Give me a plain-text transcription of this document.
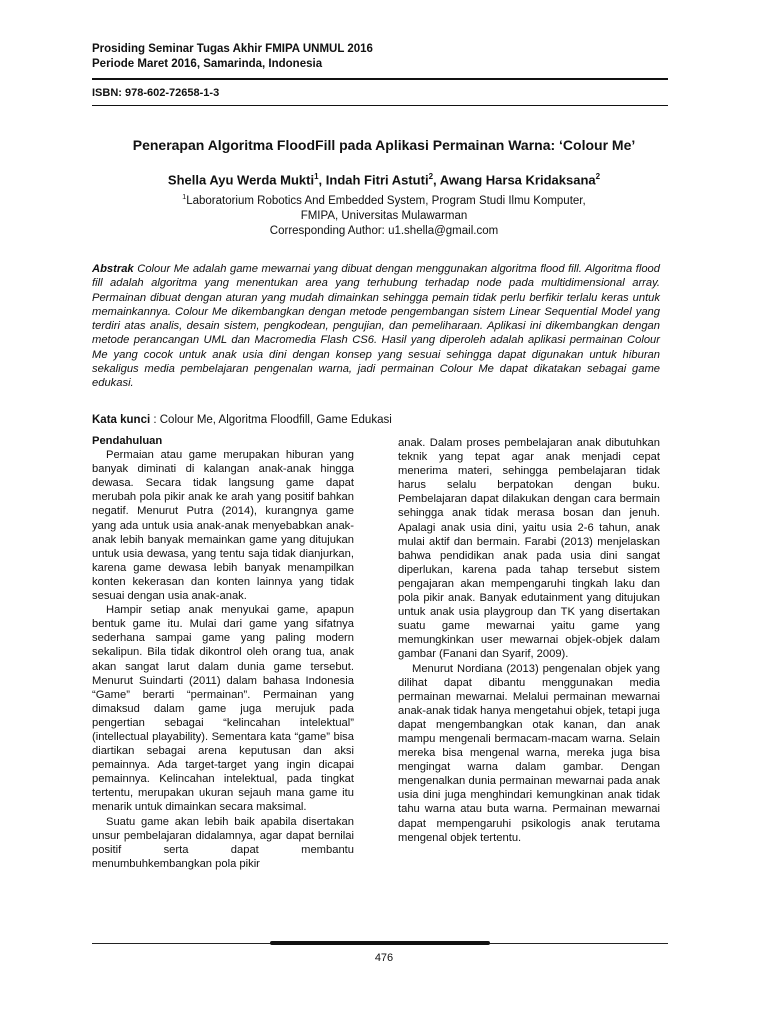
Prosiding Seminar Tugas Akhir FMIPA UNMUL 2016
Periode Maret 2016, Samarinda, Indonesia
ISBN: 978-602-72658-1-3
Penerapan Algoritma FloodFill pada Aplikasi Permainan Warna: ‘Colour Me’
Shella Ayu Werda Mukti$^1$, Indah Fitri Astuti$^2$, Awang Harsa Kridaksana$^2$
$^1$Laboratorium Robotics And Embedded System, Program Studi Ilmu Komputer,
FMIPA, Universitas Mulawarman
Corresponding Author: u1.shella@gmail.com
Abstrak Colour Me adalah game mewarnai yang dibuat dengan menggunakan algoritma flood fill. Algoritma flood fill adalah algoritma yang menentukan area yang terhubung terhadap node pada multidimensional array. Permainan dibuat dengan aturan yang mudah dimainkan sehingga pemain tidak perlu berfikir terlalu keras untuk memainkannya. Colour Me dikembangkan dengan metode pengembangan sistem Linear Sequential Model yang terdiri atas analis, desain sistem, pengkodean, pengujian, dan pemeliharaan. Aplikasi ini dikembangkan dengan metode perancangan UML dan Macromedia Flash CS6. Hasil yang diperoleh adalah aplikasi permainan Colour Me yang cocok untuk anak usia dini dengan konsep yang sesuai sehingga dapat digunakan untuk hiburan sekaligus media pembelajaran pengenalan warna, jadi permainan Colour Me dapat dikatakan sebagai game edukasi.
Kata kunci : Colour Me, Algoritma Floodfill, Game Edukasi

Pendahuluan

Permaian atau game merupakan hiburan yang banyak diminati di kalangan anak-anak hingga dewasa. Secara tidak langsung game dapat merubah pola pikir anak ke arah yang positif bahkan negatif. Menurut Putra (2014), kurangnya game yang ada untuk usia anak-anak menyebabkan anak-anak lebih banyak memainkan game yang ditujukan untuk usia dewasa, yang tentu saja tidak dianjurkan, karena game dewasa lebih banyak menampilkan konten kekerasan dan konten lainnya yang tidak sesuai dengan usia anak-anak.

Hampir setiap anak menyukai game, apapun bentuk game itu. Mulai dari game yang sifatnya sederhana sampai game yang paling modern sekalipun. Bila tidak dikontrol oleh orang tua, anak akan sangat larut dalam dunia game tersebut. Menurut Suindarti (2011) dalam bahasa Indonesia “Game” berarti “permainan”. Permainan yang dimaksud dalam game juga merujuk pada pengertian sebagai “kelincahan intelektual” (intellectual playability). Sementara kata “game” bisa diartikan sebagai arena keputusan dan aksi pemainnya. Ada target-target yang ingin dicapai pemainnya. Kelincahan intelektual, pada tingkat tertentu, merupakan ukuran sejauh mana game itu menarik untuk dimainkan secara maksimal.

Suatu game akan lebih baik apabila disertakan unsur pembelajaran didalamnya, agar dapat bernilai positif serta dapat membantu menumbuhkembangkan pola pikir

anak. Dalam proses pembelajaran anak dibutuhkan teknik yang tepat agar anak menjadi cepat menerima materi, sehingga pembelajaran tidak harus selalu berpatokan dengan buku. Pembelajaran dapat dilakukan dengan cara bermain sehingga anak tidak merasa bosan dan jenuh. Apalagi anak usia dini, yaitu usia 2-6 tahun, anak mulai aktif dan bermain. Farabi (2013) menjelaskan bahwa pendidikan anak pada usia dini sangat diperlukan, karena pada tahap tersebut sistem pengajaran akan mempengaruhi tingkah laku dan pola pikir anak. Banyak edutainment yang ditujukan untuk anak usia playgroup dan TK yang disertakan suatu game mewarnai yaitu game yang memungkinkan user mewarnai objek-objek dalam gambar (Fanani dan Syarif, 2009).

Menurut Nordiana (2013) pengenalan objek yang dilihat dapat dibantu menggunakan media permainan mewarnai. Melalui permainan mewarnai anak-anak tidak hanya mengetahui objek, tetapi juga dapat mengembangkan otak kanan, dan anak mampu mengenali bermacam-macam warna. Selain mereka bisa mengenal warna, mereka juga bisa mengingat warna dalam gambar. Dengan mengenalkan dunia permainan mewarnai pada anak usia dini juga menghindari kemungkinan anak tidak tahu warna atau buta warna. Permainan mewarnai dapat mempengaruhi psikologis anak terutama mengenal objek tertentu.

476
